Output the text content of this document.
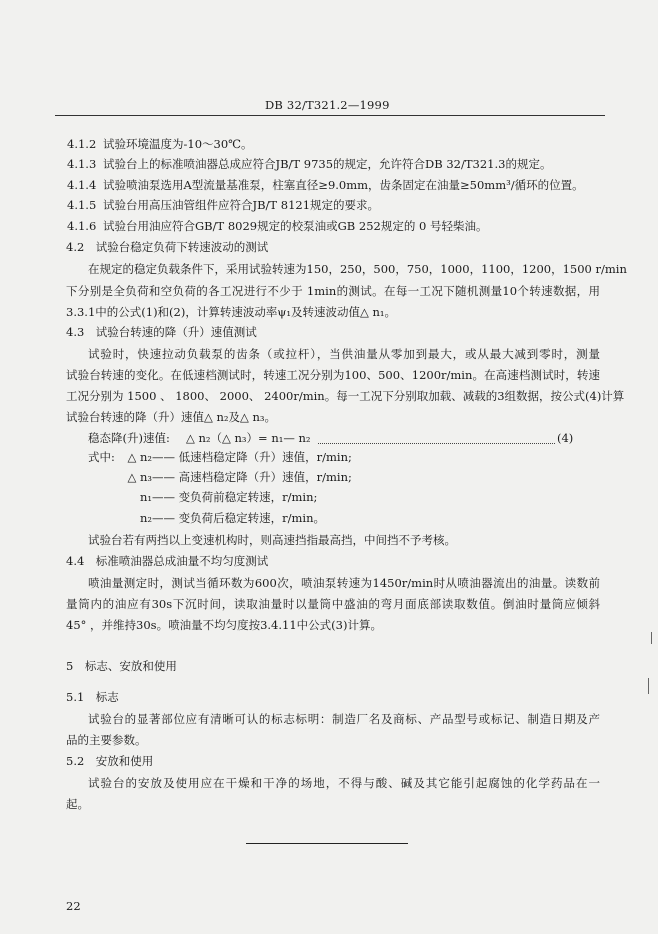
DB 32/T321.2—1999
4.1.2 试验环境温度为-10～30℃。
4.1.3 试验台上的标准喷油器总成应符合JB/T 9735的规定，允许符合DB 32/T321.3的规定。
4.1.4 试验喷油泵选用A型流量基准泵，柱塞直径≥9.0mm，齿条固定在油量≥50mm³/循环的位置。
4.1.5 试验台用高压油管组件应符合JB/T 8121规定的要求。
4.1.6 试验台用油应符合GB/T 8029规定的校泵油或GB 252规定的 0 号轻柴油。
4.2　试验台稳定负荷下转速波动的测试
在规定的稳定负载条件下，采用试验转速为150，250，500，750，1000，1100，1200，1500 r/min
下分别是全负荷和空负荷的各工况进行不少于 1min的测试。在每一工况下随机测量10个转速数据，用
3.3.1中的公式(1)和(2)，计算转速波动率ψ₁及转速波动值△ n₁。
4.3　试验台转速的降（升）速值测试
试验时，快速拉动负载泵的齿条（或拉杆），当供油量从零加到最大，或从最大减到零时，测量
试验台转速的变化。在低速档测试时，转速工况分别为100、500、1200r/min。在高速档测试时，转速
工况分别为 1500 、 1800、 2000、 2400r/min。每一工况下分别取加载、减载的3组数据，按公式(4)计算
试验台转速的降（升）速值△ n₂及△ n₃。
稳态降(升)速值: △ n₂（△ n₃）= n₁— n₂	(4)
式中:	△ n₂—— 低速档稳定降（升）速值，r/min;
△ n₃—— 高速档稳定降（升）速值，r/min;
n₁—— 变负荷前稳定转速，r/min;
n₂—— 变负荷后稳定转速，r/min。
试验台若有两挡以上变速机构时，则高速挡指最高挡，中间挡不予考核。
4.4　标准喷油器总成油量不均匀度测试
喷油量测定时，测试当循环数为600次，喷油泵转速为1450r/min时从喷油器流出的油量。读数前
量筒内的油应有30s下沉时间，读取油量时以量筒中盛油的弯月面底部读取数值。倒油时量筒应倾斜
45° ，并维持30s。喷油量不均匀度按3.4.11中公式(3)计算。
5　标志、安放和使用
5.1　标志
试验台的显著部位应有清晰可认的标志标明：制造厂名及商标、产品型号或标记、制造日期及产
品的主要参数。
5.2　安放和使用
试验台的安放及使用应在干燥和干净的场地，不得与酸、碱及其它能引起腐蚀的化学药品在一
起。
22
